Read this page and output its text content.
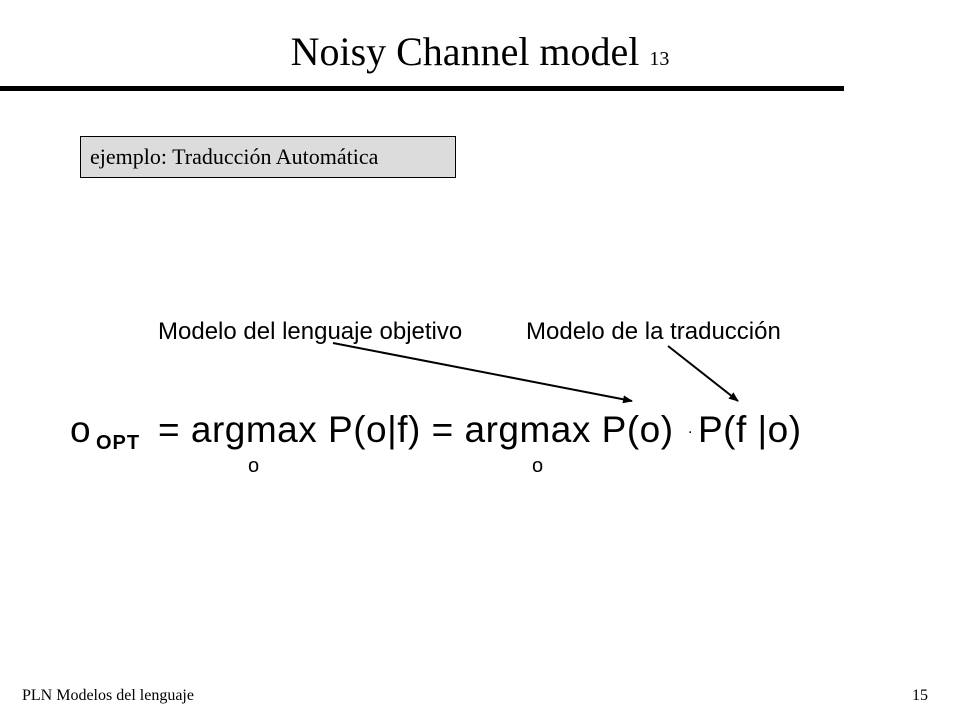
Noisy Channel model 13
ejemplo: Traducción Automática
Modelo del lenguaje objetivo	Modelo de la traducción
o OPT = argmax P(o|f) = argmax P(o) . P(f |o)
o	o
PLN Modelos del lenguaje	15
